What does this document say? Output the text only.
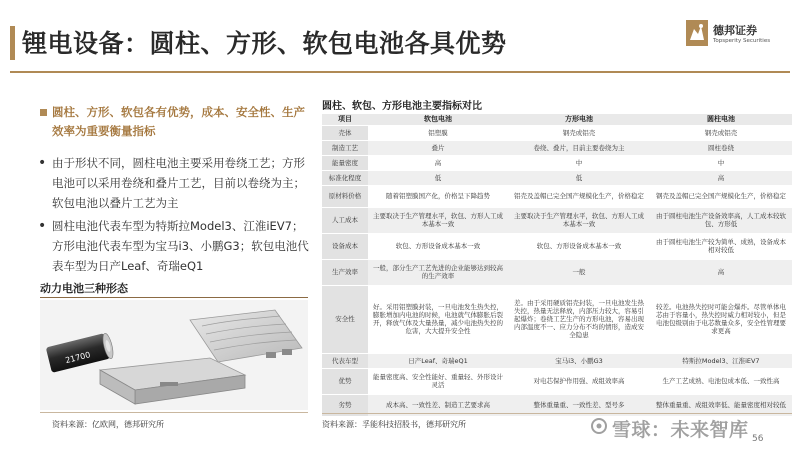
锂电设备：圆柱、方形、软包电池各具优势	德邦证券
Topsperity Securities
圆柱、方形、软包各有优势，成本、安全性、生产效率为重要衡量指标
• 由于形状不同，圆柱电池主要采用卷绕工艺；方形电池可以采用卷绕和叠片工艺，目前以卷绕为主；软包电池以叠片工艺为主
• 圆柱电池代表车型为特斯拉Model3、江淮iEV7；方形电池代表车型为宝马i3、小鹏G3；软包电池代表车型为日产Leaf、奇瑞eQ1
动力电池三种形态
21700
资料来源：亿欧网，德邦研究所
圆柱、软包、方形电池主要指标对比
项目	软包电池	方形电池	圆柱电池
壳体	铝塑膜	钢壳或铝壳	钢壳或铝壳
制造工艺	叠片	卷绕、叠片，目前主要卷绕为主	圆柱卷绕
能量密度	高	中	中
标准化程度	低	低	高
原材料价格	随着铝塑膜国产化，价格呈下降趋势	铝壳及盖帽已完全国产规模化生产，价格稳定	钢壳及盖帽已完全国产规模化生产，价格稳定
人工成本	主要取决于生产管理水平，软包、方形人工成本基本一致	主要取决于生产管理水平，软包、方形人工成本基本一致	由于圆柱电池生产设备效率高，人工成本较软包、方形低
设备成本	软包、方形设备成本基本一致	软包、方形设备成本基本一致	由于圆柱电池生产较为简单、成熟，设备成本相对较低
生产效率	一般，部分生产工艺先进的企业能够达到较高的生产效率	一般	高
安全性	好。采用铝塑膜封装，一旦电池发生热失控，膨胀增加内电池的时候，电池就气体膨胀后裂开，释放气体及大量热量，减少电池热失控的危害，大大提升安全性	差。由于采用硬质铝壳封装，一旦电池发生热失控，热量无法释放，内部压力较大，容易引起爆炸；卷绕工艺生产的方形电池，容易出现内部温度不一、应力分布不均的情形，造成安全隐患	较差。电池热失控时可能会爆炸。尽管单体电芯由于容量小，热失控时威力相对较小，但是电池包级别由于电芯数量众多，安全性管理要求更高
代表车型	日产Leaf、奇瑞eQ1	宝马i3、小鹏G3	特斯拉Model3、江淮iEV7
优势	能量密度高、安全性能好、重量轻、外形设计灵活	对电芯保护作用强、成组效率高	生产工艺成熟、电池包成本低、一致性高
劣势	成本高、一致性差、制造工艺要求高	整体重量重、一致性差、型号多	整体重量重、成组效率低、能量密度相对较低
资料来源：孚能科技招股书，德邦研究所	雪球：未来智库 56
